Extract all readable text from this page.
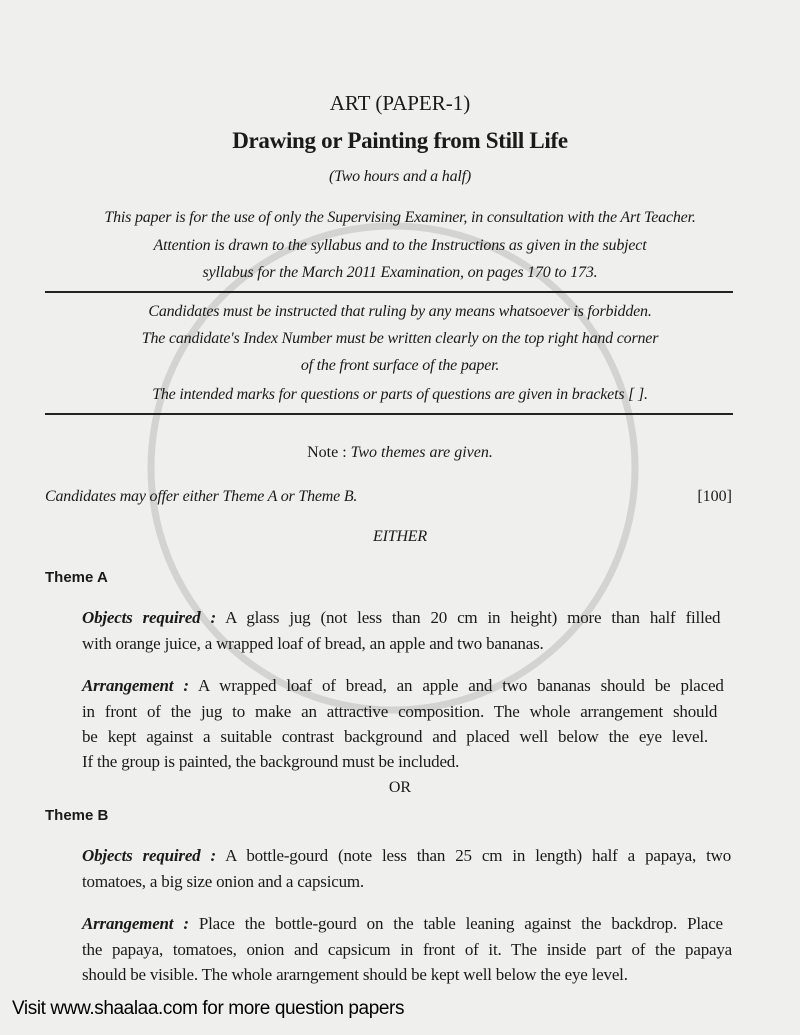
ART (PAPER-1)
Drawing or Painting from Still Life
(Two hours and a half)
This paper is for the use of only the Supervising Examiner, in consultation with the Art Teacher.
Attention is drawn to the syllabus and to the Instructions as given in the subject
syllabus for the March 2011 Examination, on pages 170 to 173.
Candidates must be instructed that ruling by any means whatsoever is forbidden.
The candidate's Index Number must be written clearly on the top right hand corner
of the front surface of the paper.
The intended marks for questions or parts of questions are given in brackets [ ].
Note : Two themes are given.
Candidates may offer either Theme A or Theme B.	[100]
EITHER
Theme A
Objects required : A glass jug (not less than 20 cm in height) more than half filled
with orange juice, a wrapped loaf of bread, an apple and two bananas.
Arrangement : A wrapped loaf of bread, an apple and two bananas should be placed
in front of the jug to make an attractive composition. The whole arrangement should
be kept against a suitable contrast background and placed well below the eye level.
If the group is painted, the background must be included.
OR
Theme B
Objects required : A bottle-gourd (note less than 25 cm in length) half a papaya, two
tomatoes, a big size onion and a capsicum.
Arrangement : Place the bottle-gourd on the table leaning against the backdrop. Place
the papaya, tomatoes, onion and capsicum in front of it. The inside part of the papaya
should be visible. The whole ararngement should be kept well below the eye level.
Visit www.shaalaa.com for more question papers
